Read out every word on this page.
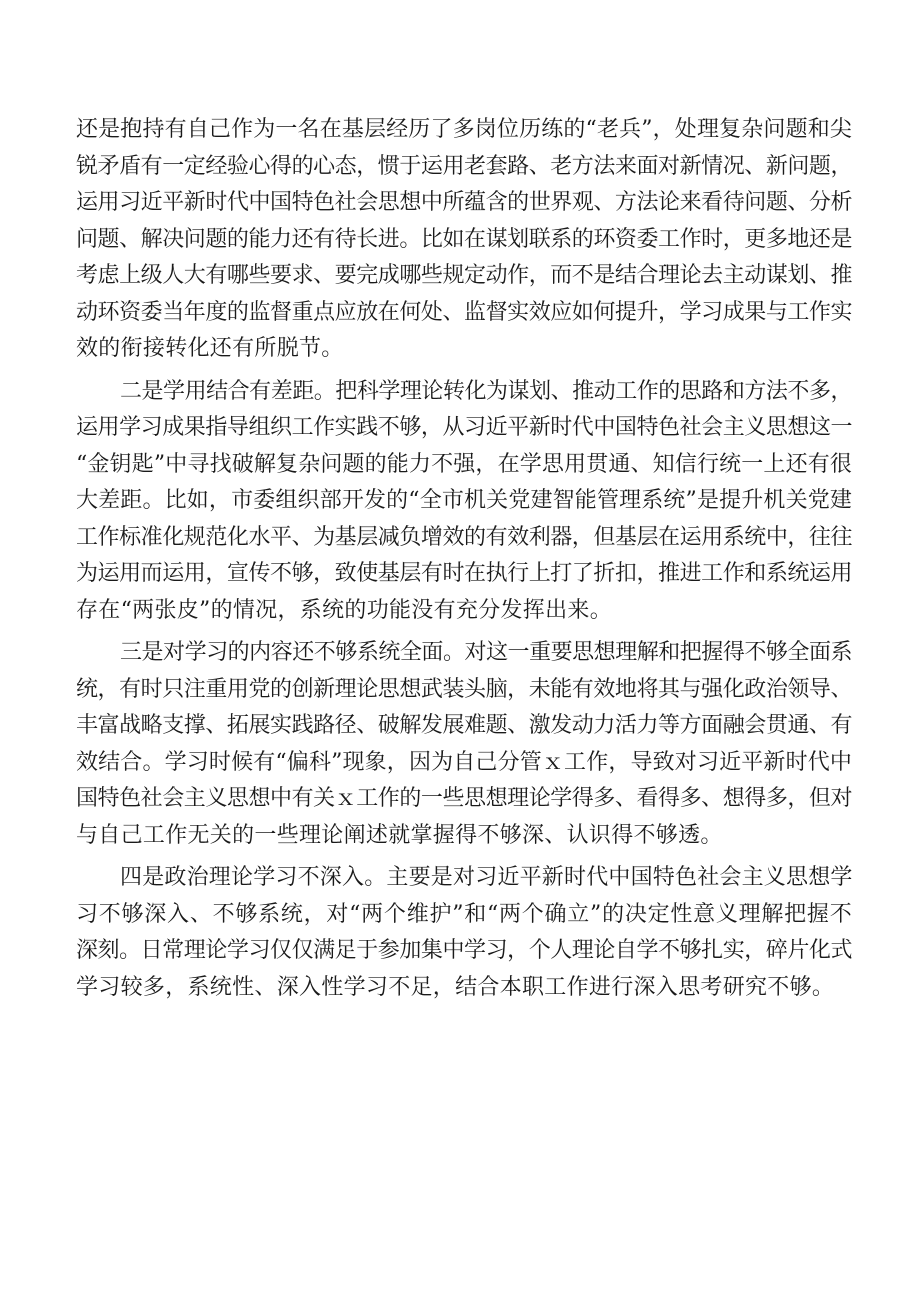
还是抱持有自己作为一名在基层经历了多岗位历练的“老兵”，处理复杂问题和尖
锐矛盾有一定经验心得的心态，惯于运用老套路、老方法来面对新情况、新问题，
运用习近平新时代中国特色社会思想中所蕴含的世界观、方法论来看待问题、分析
问题、解决问题的能力还有待长进。比如在谋划联系的环资委工作时，更多地还是
考虑上级人大有哪些要求、要完成哪些规定动作，而不是结合理论去主动谋划、推
动环资委当年度的监督重点应放在何处、监督实效应如何提升，学习成果与工作实
效的衔接转化还有所脱节。

二是学用结合有差距。把科学理论转化为谋划、推动工作的思路和方法不多，
运用学习成果指导组织工作实践不够，从习近平新时代中国特色社会主义思想这一
“金钥匙”中寻找破解复杂问题的能力不强，在学思用贯通、知信行统一上还有很
大差距。比如，市委组织部开发的“全市机关党建智能管理系统”是提升机关党建
工作标准化规范化水平、为基层减负增效的有效利器，但基层在运用系统中，往往
为运用而运用，宣传不够，致使基层有时在执行上打了折扣，推进工作和系统运用
存在“两张皮”的情况，系统的功能没有充分发挥出来。

三是对学习的内容还不够系统全面。对这一重要思想理解和把握得不够全面系
统，有时只注重用党的创新理论思想武装头脑，未能有效地将其与强化政治领导、
丰富战略支撑、拓展实践路径、破解发展难题、激发动力活力等方面融会贯通、有
效结合。学习时候有“偏科”现象，因为自己分管ｘ工作，导致对习近平新时代中
国特色社会主义思想中有关ｘ工作的一些思想理论学得多、看得多、想得多，但对
与自己工作无关的一些理论阐述就掌握得不够深、认识得不够透。

四是政治理论学习不深入。主要是对习近平新时代中国特色社会主义思想学
习不够深入、不够系统，对“两个维护”和“两个确立”的决定性意义理解把握不
深刻。日常理论学习仅仅满足于参加集中学习，个人理论自学不够扎实，碎片化式
学习较多，系统性、深入性学习不足，结合本职工作进行深入思考研究不够。
